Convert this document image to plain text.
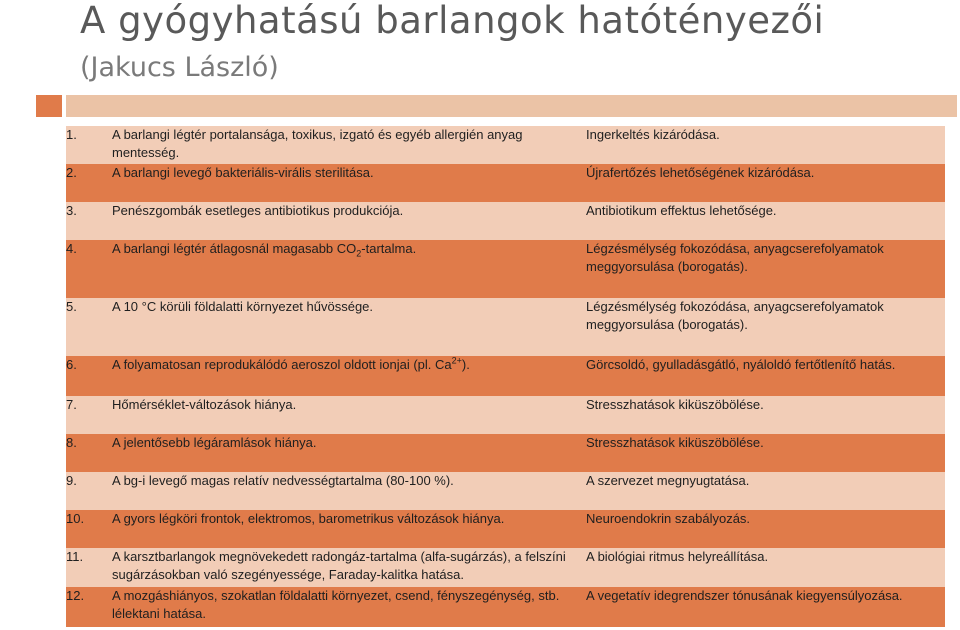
A gyógyhatású barlangok hatótényezői
(Jakucs László)
1.	A barlangi légtér portalansága, toxikus, izgató és egyéb allergién anyag mentesség.	Ingerkeltés kizáródása.
2.	A barlangi levegő bakteriális-virális sterilitása.	Újrafertőzés lehetőségének kizáródása.
3.	Penészgombák esetleges antibiotikus produkciója.	Antibiotikum effektus lehetősége.
4.	A barlangi légtér átlagosnál magasabb $CO_2$-tartalma.	Légzésmélység fokozódása, anyagcserefolyamatok meggyorsulása (borogatás).
5.	A 10 °C körüli földalatti környezet hűvössége.	Légzésmélység fokozódása, anyagcserefolyamatok meggyorsulása (borogatás).
6.	A folyamatosan reprodukálódó aeroszol oldott ionjai (pl. $Ca^{2+}$).	Görcsoldó, gyulladásgátló, nyáloldó fertőtlenítő hatás.
7.	Hőmérséklet-változások hiánya.	Stresszhatások kiküszöbölése.
8.	A jelentősebb légáramlások hiánya.	Stresszhatások kiküszöbölése.
9.	A bg-i levegő magas relatív nedvességtartalma (80-100 %).	A szervezet megnyugtatása.
10.	A gyors légköri frontok, elektromos, barometrikus változások hiánya.	Neuroendokrin szabályozás.
11.	A karsztbarlangok megnövekedett radongáz-tartalma (alfa-sugárzás), a felszíni sugárzásokban való szegényessége, Faraday-kalitka hatása.	A biológiai ritmus helyreállítása.
12.	A mozgáshiányos, szokatlan földalatti környezet, csend, fényszegénység, stb. lélektani hatása.	A vegetatív idegrendszer tónusának kiegyensúlyozása.
